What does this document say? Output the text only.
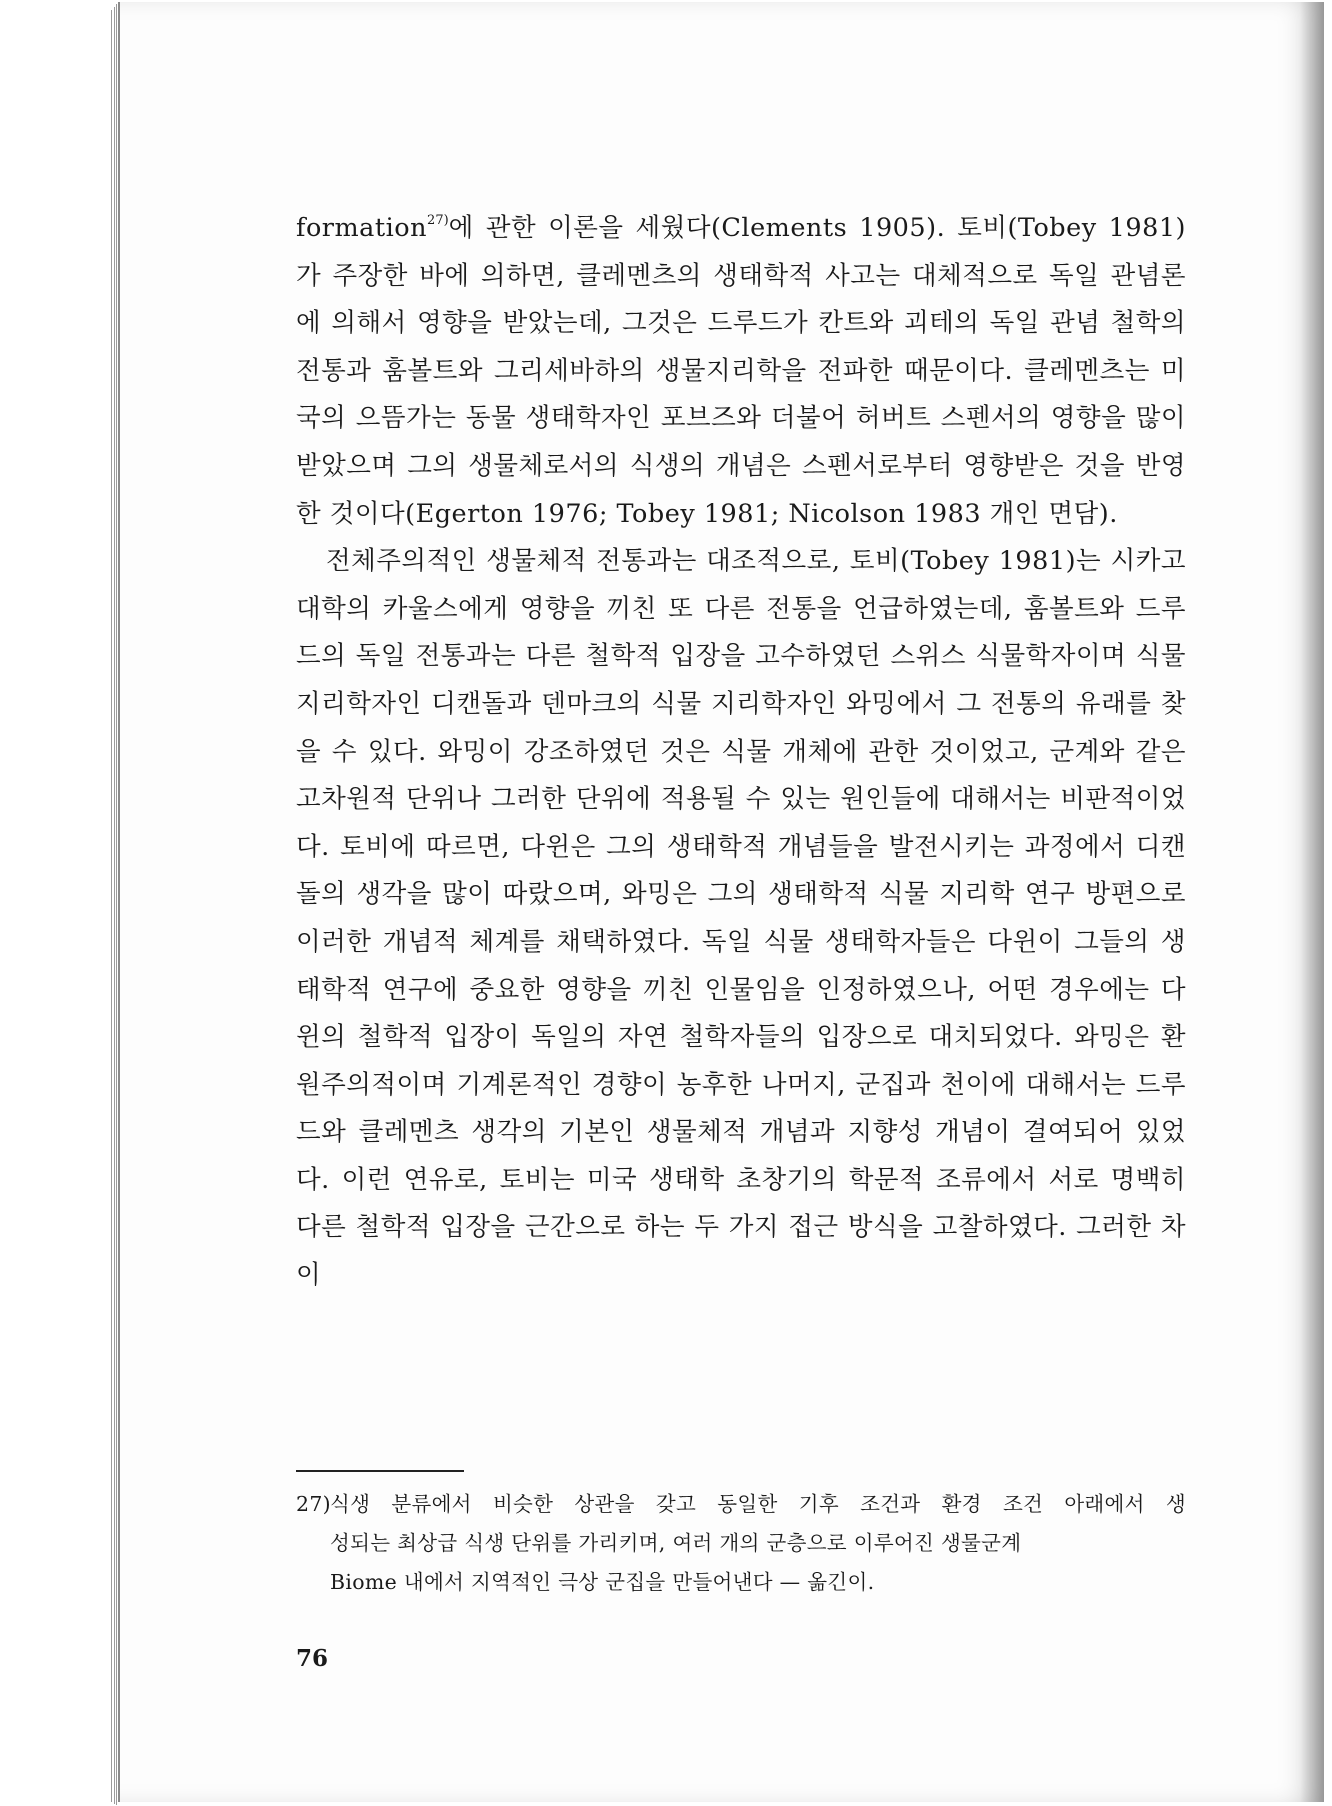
formation$^{27)}$에 관한 이론을 세웠다(Clements 1905). 토비(Tobey 1981)가 주장한 바에 의하면, 클레멘츠의 생태학적 사고는 대체적으로 독일 관념론에 의해서 영향을 받았는데, 그것은 드루드가 칸트와 괴테의 독일 관념 철학의 전통과 훔볼트와 그리세바하의 생물지리학을 전파한 때문이다. 클레멘츠는 미국의 으뜸가는 동물 생태학자인 포브즈와 더불어 허버트 스펜서의 영향을 많이 받았으며 그의 생물체로서의 식생의 개념은 스펜서로부터 영향받은 것을 반영한 것이다(Egerton 1976; Tobey 1981; Nicolson 1983 개인 면담).

전체주의적인 생물체적 전통과는 대조적으로, 토비(Tobey 1981)는 시카고 대학의 카울스에게 영향을 끼친 또 다른 전통을 언급하였는데, 훔볼트와 드루드의 독일 전통과는 다른 철학적 입장을 고수하였던 스위스 식물학자이며 식물 지리학자인 디캔돌과 덴마크의 식물 지리학자인 와밍에서 그 전통의 유래를 찾을 수 있다. 와밍이 강조하였던 것은 식물 개체에 관한 것이었고, 군계와 같은 고차원적 단위나 그러한 단위에 적용될 수 있는 원인들에 대해서는 비판적이었다. 토비에 따르면, 다윈은 그의 생태학적 개념들을 발전시키는 과정에서 디캔돌의 생각을 많이 따랐으며, 와밍은 그의 생태학적 식물 지리학 연구 방편으로 이러한 개념적 체계를 채택하였다. 독일 식물 생태학자들은 다윈이 그들의 생태학적 연구에 중요한 영향을 끼친 인물임을 인정하였으나, 어떤 경우에는 다윈의 철학적 입장이 독일의 자연 철학자들의 입장으로 대치되었다. 와밍은 환원주의적이며 기계론적인 경향이 농후한 나머지, 군집과 천이에 대해서는 드루드와 클레멘츠 생각의 기본인 생물체적 개념과 지향성 개념이 결여되어 있었다. 이런 연유로, 토비는 미국 생태학 초창기의 학문적 조류에서 서로 명백히 다른 철학적 입장을 근간으로 하는 두 가지 접근 방식을 고찰하였다. 그러한 차이

27)식생 분류에서 비슷한 상관을 갖고 동일한 기후 조건과 환경 조건 아래에서 생
성되는 최상급 식생 단위를 가리키며, 여러 개의 군층으로 이루어진 생물군계
Biome 내에서 지역적인 극상 군집을 만들어낸다 — 옮긴이.
76
